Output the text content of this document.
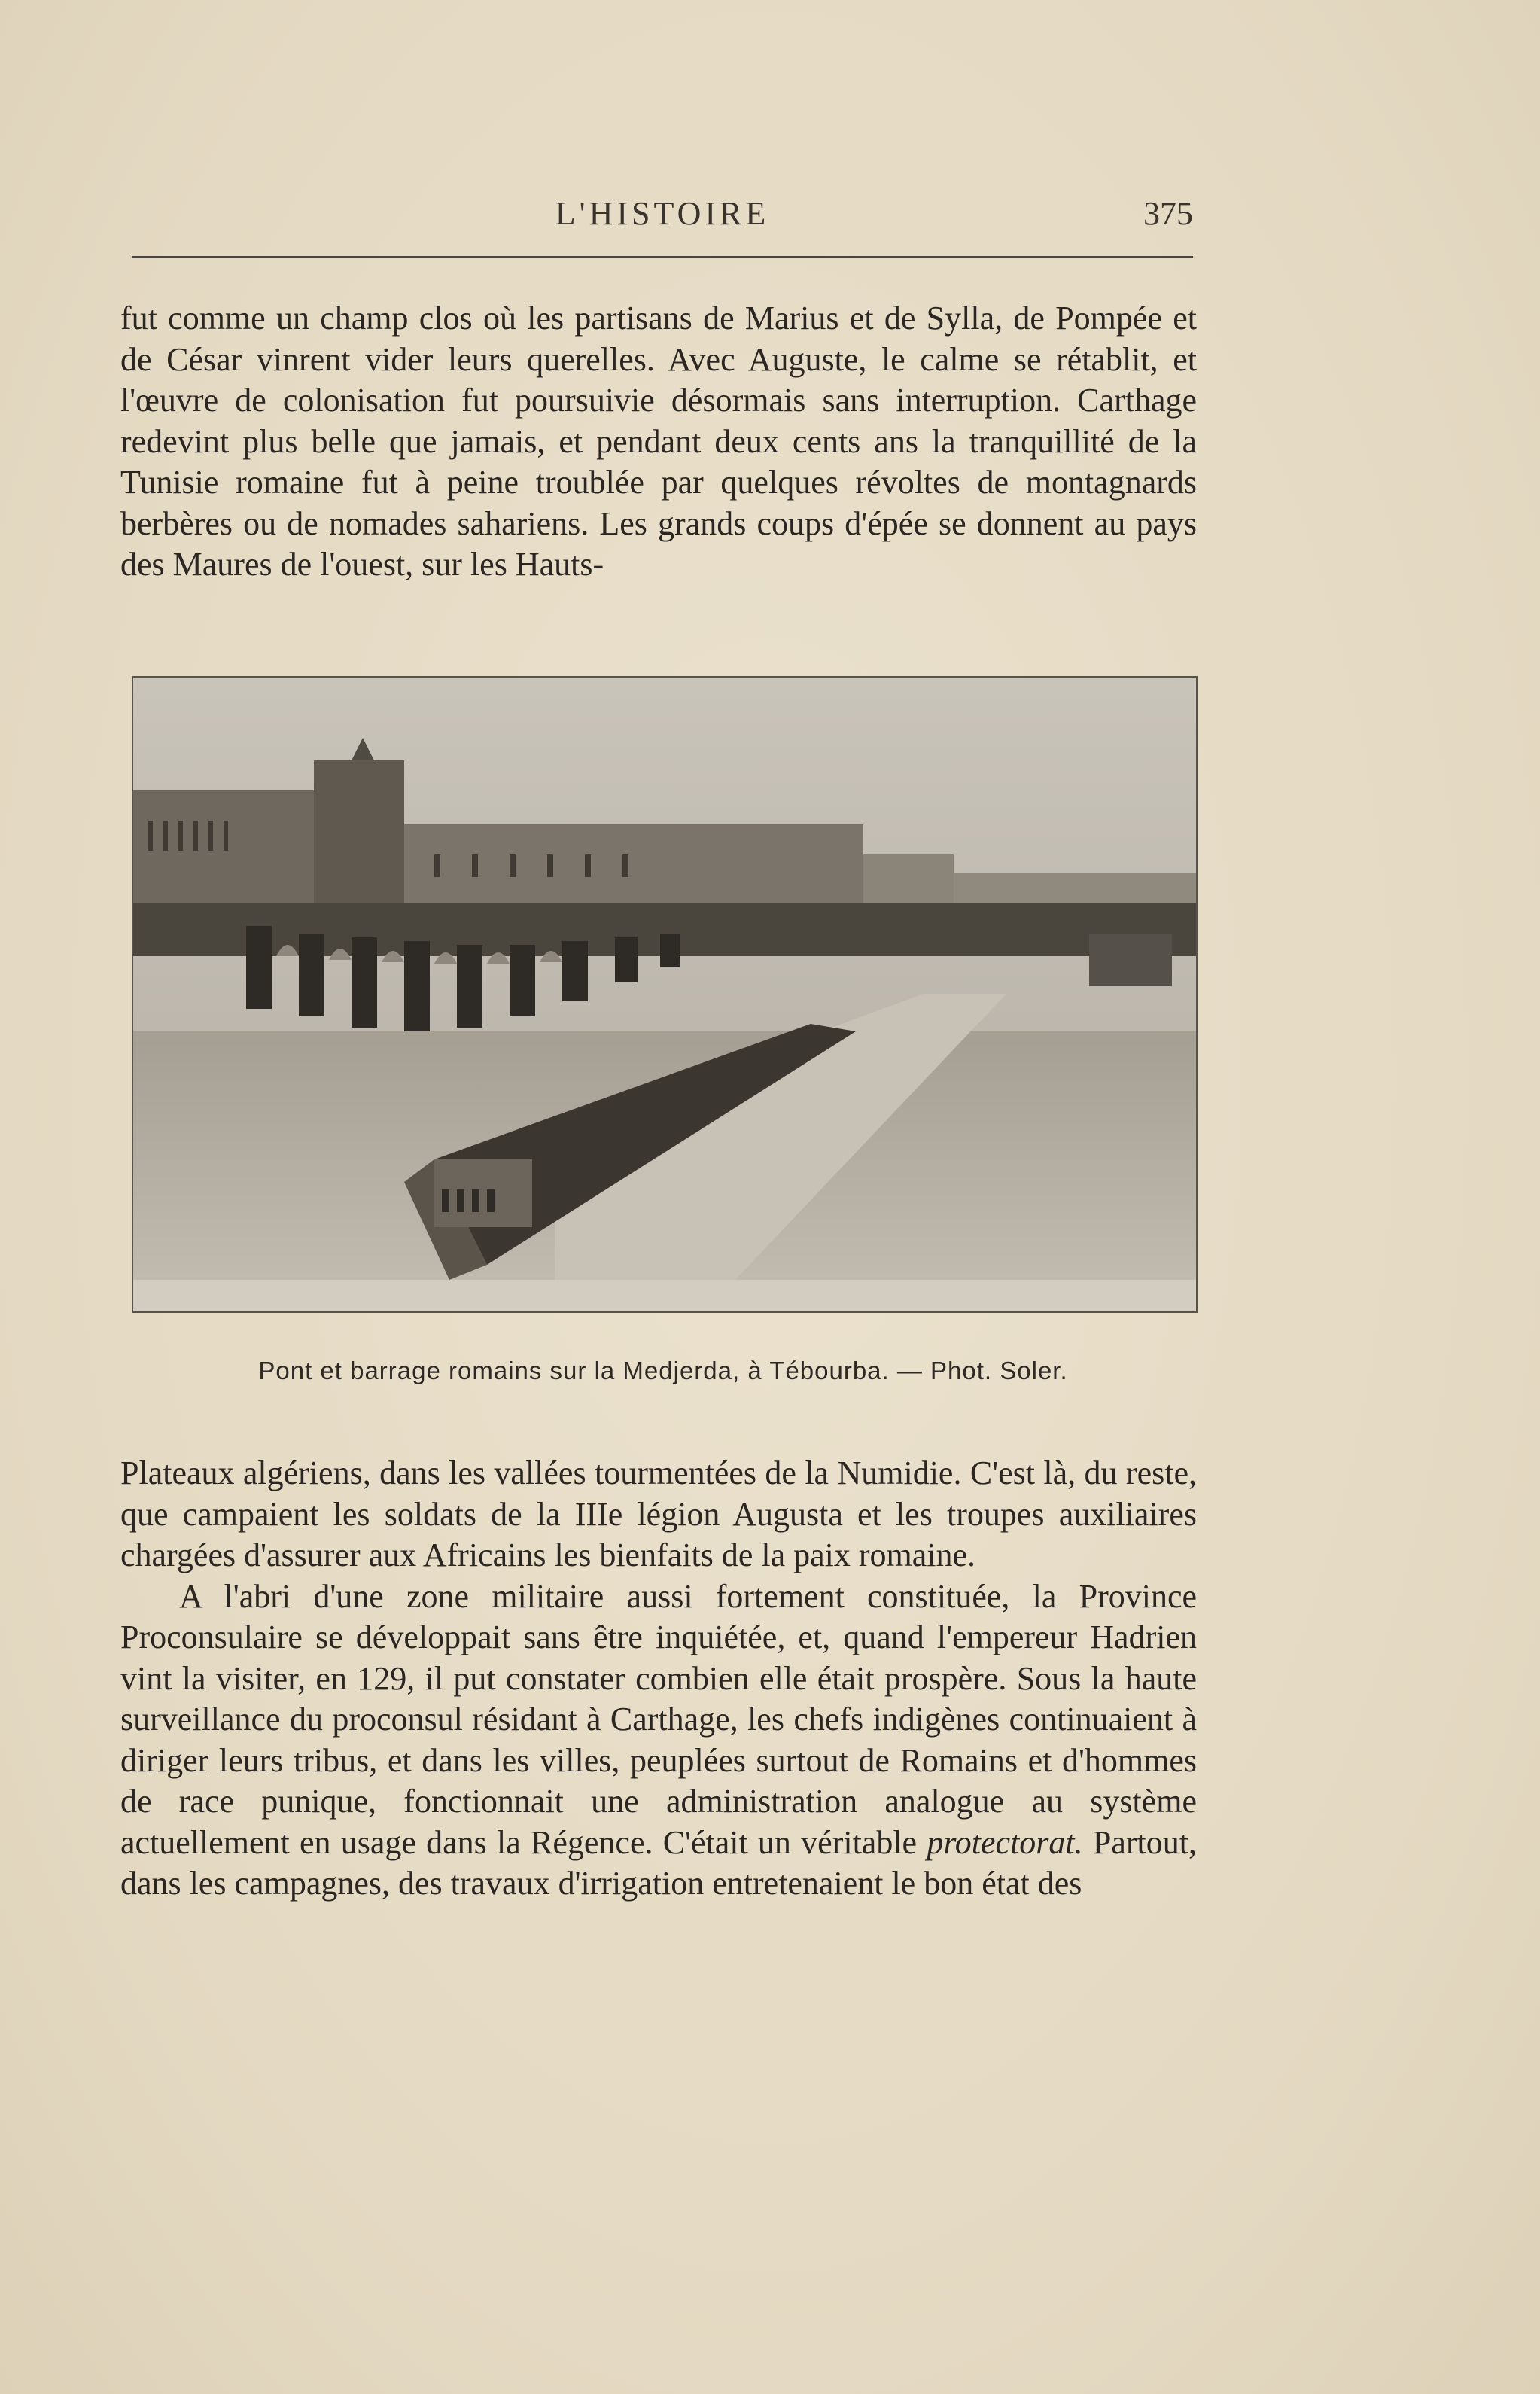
L'HISTOIRE	375

fut comme un champ clos où les partisans de Marius et de Sylla, de Pompée et de César vinrent vider leurs querelles. Avec Auguste, le calme se rétablit, et l'œuvre de colonisation fut poursuivie désormais sans interruption. Carthage redevint plus belle que jamais, et pendant deux cents ans la tranquillité de la Tunisie romaine fut à peine troublée par quelques révoltes de montagnards berbères ou de nomades sahariens. Les grands coups d'épée se donnent au pays des Maures de l'ouest, sur les Hauts-

Pont et barrage romains sur la Medjerda, à Tébourba. — Phot. Soler.

Plateaux algériens, dans les vallées tourmentées de la Numidie. C'est là, du reste, que campaient les soldats de la IIIe légion Augusta et les troupes auxiliaires chargées d'assurer aux Africains les bienfaits de la paix romaine.

A l'abri d'une zone militaire aussi fortement constituée, la Province Proconsulaire se développait sans être inquiétée, et, quand l'empereur Hadrien vint la visiter, en 129, il put constater combien elle était prospère. Sous la haute surveillance du proconsul résidant à Carthage, les chefs indigènes continuaient à diriger leurs tribus, et dans les villes, peuplées surtout de Romains et d'hommes de race punique, fonctionnait une administration analogue au système actuellement en usage dans la Régence. C'était un véritable protectorat. Partout, dans les campagnes, des travaux d'irrigation entretenaient le bon état des
